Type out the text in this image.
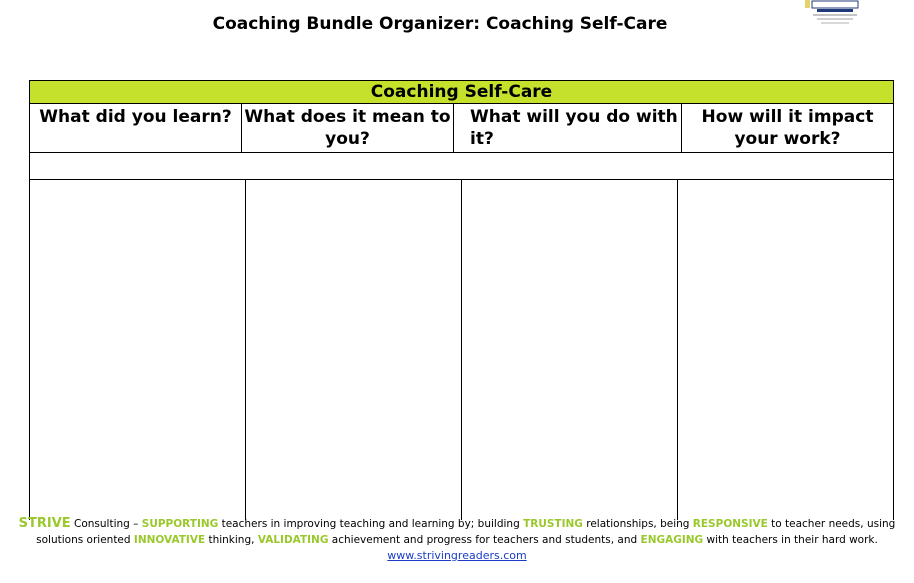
Coaching Bundle Organizer: Coaching Self-Care
Coaching Self-Care
What did you learn? What does it mean to you?
What will you do with it?
How will it impact your work?
STRIVE Consulting – SUPPORTING teachers in improving teaching and learning by; building TRUSTING relationships, being RESPONSIVE to teacher needs, using solutions oriented INNOVATIVE thinking, VALIDATING achievement and progress for teachers and students, and ENGAGING with teachers in their hard work.
www.strivingreaders.com
